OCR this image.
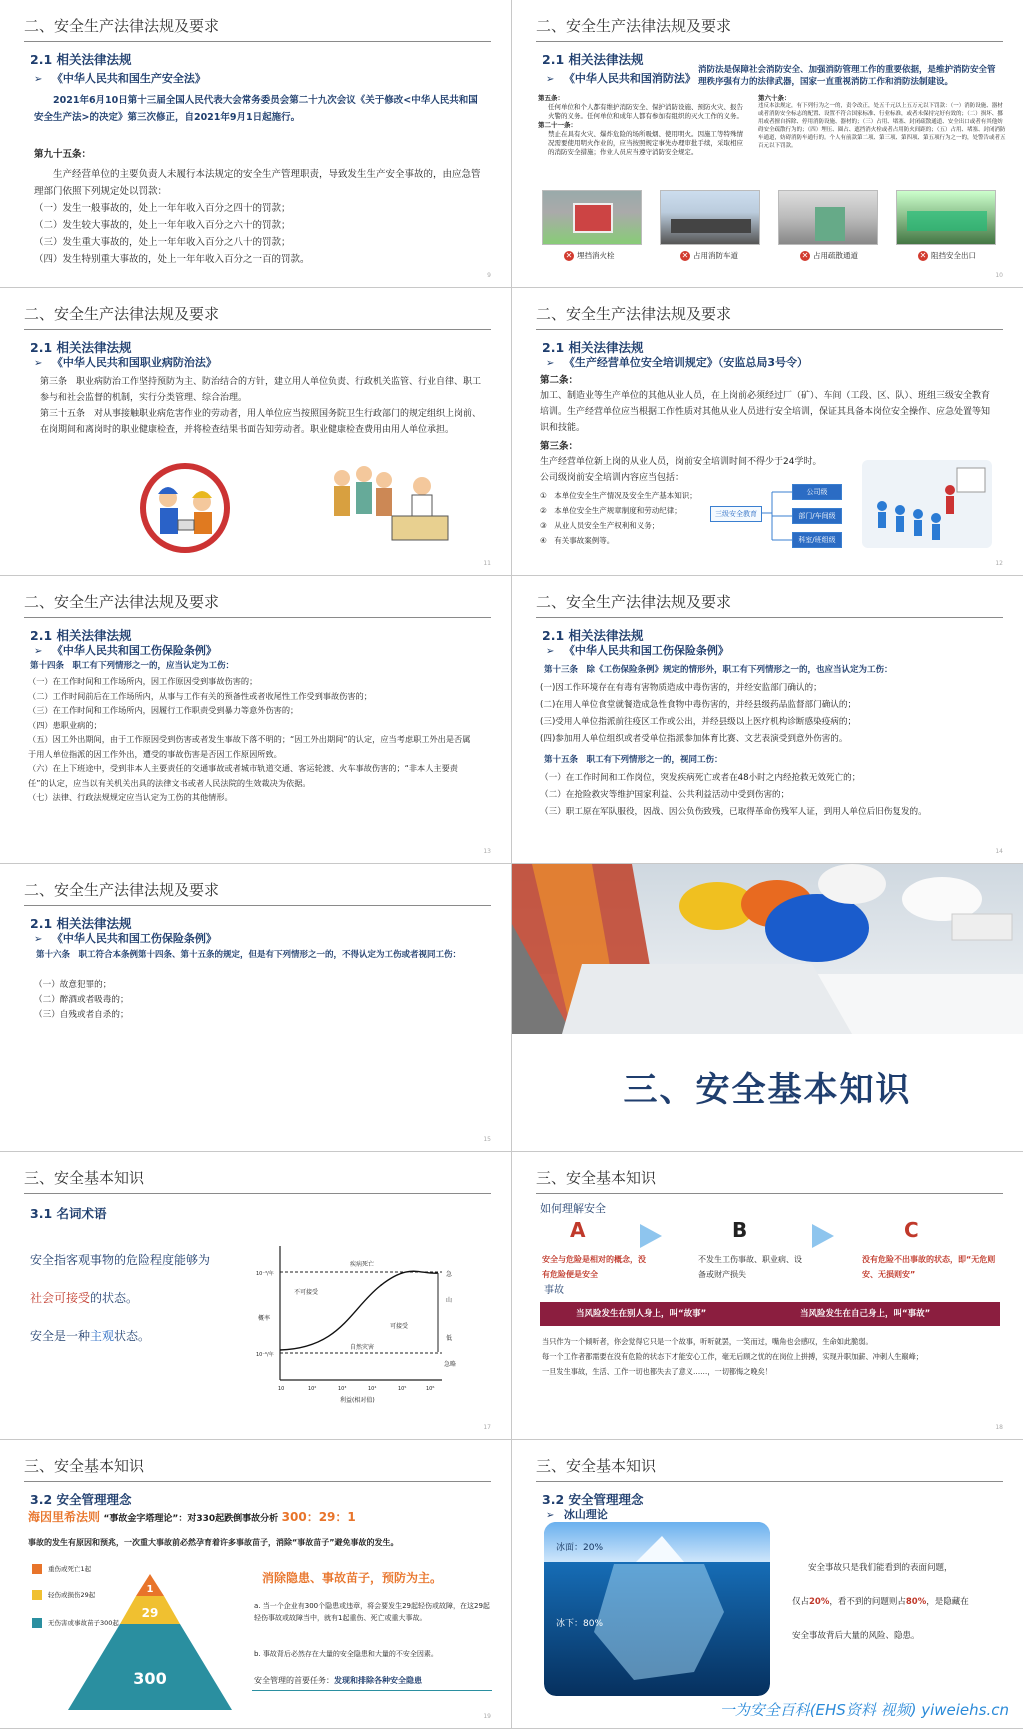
二、安全生产法律法规及要求
2.1 相关法律法规
➢ 《中华人民共和国生产安全法》
2021年6月10日第十三届全国人民代表大会常务委员会第二十九次会议《关于修改<中华人民共和国安全生产法>的决定》第三次修正，自2021年9月1日起施行。
第九十五条：
生产经营单位的主要负责人未履行本法规定的安全生产管理职责，导致发生生产安全事故的，由应急管理部门依照下列规定处以罚款：
（一）发生一般事故的，处上一年年收入百分之四十的罚款；
（二）发生较大事故的，处上一年年收入百分之六十的罚款；
（三）发生重大事故的，处上一年年收入百分之八十的罚款；
（四）发生特别重大事故的，处上一年年收入百分之一百的罚款。
9
二、安全生产法律法规及要求
2.1 相关法律法规
➢ 《中华人民共和国消防法》
消防法是保障社会消防安全、加强消防管理工作的重要依据，是维护消防安全管理秩序强有力的法律武器，国家一直重视消防工作和消防法制建设。
第五条：
任何单位和个人都有维护消防安全、保护消防设施、预防火灾、报告火警的义务。任何单位和成年人都有参加有组织的灭火工作的义务。
第二十一条：
禁止在具有火灾、爆炸危险的场所吸烟、使用明火。因施工等特殊情况需要使用明火作业的，应当按照规定事先办理审批手续，采取相应的消防安全措施；作业人员应当遵守消防安全规定。
第六十条：
违反本法规定，有下列行为之一的，责令改正，处五千元以上五万元以下罚款：（一）消防设施、器材或者消防安全标志的配置、设置不符合国家标准、行业标准，或者未保持完好有效的；（二）损坏、挪用或者擅自拆除、停用消防设施、器材的；（三）占用、堵塞、封闭疏散通道、安全出口或者有其他妨碍安全疏散行为的；（四）埋压、圈占、遮挡消火栓或者占用防火间距的；（五）占用、堵塞、封闭消防车通道，妨碍消防车通行的。个人有前款第二项、第三项、第四项、第五项行为之一的，处警告或者五百元以下罚款。
✕ 埋挡消火栓	✕ 占用消防车道	✕ 占用疏散通道	✕ 阻挡安全出口
10
二、安全生产法律法规及要求
2.1 相关法律法规
➢ 《中华人民共和国职业病防治法》
第三条　职业病防治工作坚持预防为主、防治结合的方针，建立用人单位负责、行政机关监管、行业自律、职工参与和社会监督的机制，实行分类管理、综合治理。
第三十五条　对从事接触职业病危害作业的劳动者，用人单位应当按照国务院卫生行政部门的规定组织上岗前、在岗期间和离岗时的职业健康检查，并将检查结果书面告知劳动者。职业健康检查费用由用人单位承担。
11
二、安全生产法律法规及要求
2.1 相关法律法规
➢ 《生产经营单位安全培训规定》（安监总局3号令）
第二条：
加工、制造业等生产单位的其他从业人员，在上岗前必须经过厂（矿）、车间（工段、区、队）、班组三级安全教育培训。生产经营单位应当根据工作性质对其他从业人员进行安全培训，保证其具备本岗位安全操作、应急处置等知识和技能。
第三条：
生产经营单位新上岗的从业人员，岗前安全培训时间不得少于24学时。
公司级岗前安全培训内容应当包括：
①　 本单位安全生产情况及安全生产基本知识；
②　 本单位安全生产规章制度和劳动纪律；
③　 从业人员安全生产权利和义务；
④　 有关事故案例等。
三级安全教育
公司级
部门/车间级
科室/班组级
12
二、安全生产法律法规及要求
2.1 相关法律法规
➢ 《中华人民共和国工伤保险条例》
第十四条　职工有下列情形之一的，应当认定为工伤：
（一）在工作时间和工作场所内，因工作原因受到事故伤害的；
（二）工作时间前后在工作场所内，从事与工作有关的预备性或者收尾性工作受到事故伤害的；
（三）在工作时间和工作场所内，因履行工作职责受到暴力等意外伤害的；
（四）患职业病的；
（五）因工外出期间，由于工作原因受到伤害或者发生事故下落不明的；“因工外出期间”的认定，应当考虑职工外出是否属于用人单位指派的因工作外出，遭受的事故伤害是否因工作原因所致。
（六）在上下班途中，受到非本人主要责任的交通事故或者城市轨道交通、客运轮渡、火车事故伤害的；“非本人主要责任”的认定，应当以有关机关出具的法律文书或者人民法院的生效裁决为依据。
（七）法律、行政法规规定应当认定为工伤的其他情形。
13
二、安全生产法律法规及要求
2.1 相关法律法规
➢ 《中华人民共和国工伤保险条例》
第十三条　除《工伤保险条例》规定的情形外，职工有下列情形之一的，也应当认定为工伤：
(一)因工作环境存在有毒有害物质造成中毒伤害的，并经安监部门确认的；
(二)在用人单位食堂就餐造成急性食物中毒伤害的，并经县级药品监督部门确认的；
(三)受用人单位指派前往疫区工作或公出，并经县级以上医疗机构诊断感染疫病的；
(四)参加用人单位组织或者受单位指派参加体育比赛、文艺表演受到意外伤害的。
第十五条　职工有下列情形之一的，视同工伤：
（一）在工作时间和工作岗位，突发疾病死亡或者在48小时之内经抢救无效死亡的；
（二）在抢险救灾等维护国家利益、公共利益活动中受到伤害的；
（三）职工原在军队服役，因战、因公负伤致残，已取得革命伤残军人证，到用人单位后旧伤复发的。
14
二、安全生产法律法规及要求
2.1 相关法律法规
➢ 《中华人民共和国工伤保险条例》
第十六条　职工符合本条例第十四条、第十五条的规定，但是有下列情形之一的，不得认定为工伤或者视同工伤：
（一）故意犯罪的；
（二）醉酒或者吸毒的；
（三）自残或者自杀的；
15
三、安全基本知识
三、安全基本知识
3.1 名词术语
安全指客观事物的危险程度能够为
社会可接受的状态。
安全是一种主观状态。
疾病死亡
不可接受
可接受
自然灾害
急
山
低
急略
10⁻³/年
10⁻⁶/年
概率
10	10²	10³	10⁴	10⁵	10⁶
利益(相对值)
17
三、安全基本知识
如何理解安全
A	B	C
安全与危险是相对的概念，没有危险便是安全
不发生工伤事故、职业病、设备或财产损失
没有危险不出事故的状态，即“无危则安、无损则安”
事故
当风险发生在别人身上，叫“故事”	当风险发生在自己身上，叫“事故”
当只作为一个倾听者，你会觉得它只是一个故事，听听就罢，一笑而过，嘴角也会感叹，生命如此脆弱。
每一个工作者都需要在没有危险的状态下才能安心工作，毫无后顾之忧的在岗位上拼搏，实现升职加薪、冲刺人生巅峰；
一旦发生事故，生活、工作一切也都失去了意义……，一切都悔之晚矣！
18
三、安全基本知识
3.2 安全管理理念
海因里希法则 “事故金字塔理论”：对330起跌倒事故分析 300：29：1
事故的发生有原因和预兆，一次重大事故前必然孕育着许多事故苗子，消除“事故苗子”避免事故的发生。
重伤或死亡1起
轻伤或损伤29起
无伤害或事故苗子300起
1
29
300
消除隐患、事故苗子，预防为主。
a. 当一个企业有300个隐患或违章，将会要发生29起轻伤或故障，在这29起轻伤事故或故障当中，就有1起重伤、死亡或重大事故。
b. 事故背后必然存在大量的安全隐患和大量的不安全因素。
安全管理的首要任务：发现和排除各种安全隐患
19
三、安全基本知识
3.2 安全管理理念
➢ 冰山理论
冰面：20%
冰下：80%
安全事故只是我们能看到的表面问题，
仅占20%，看不到的问题则占80%，是隐藏在
安全事故背后大量的风险、隐患。
一为安全百科(EHS资料 视频) yiweiehs.cn
